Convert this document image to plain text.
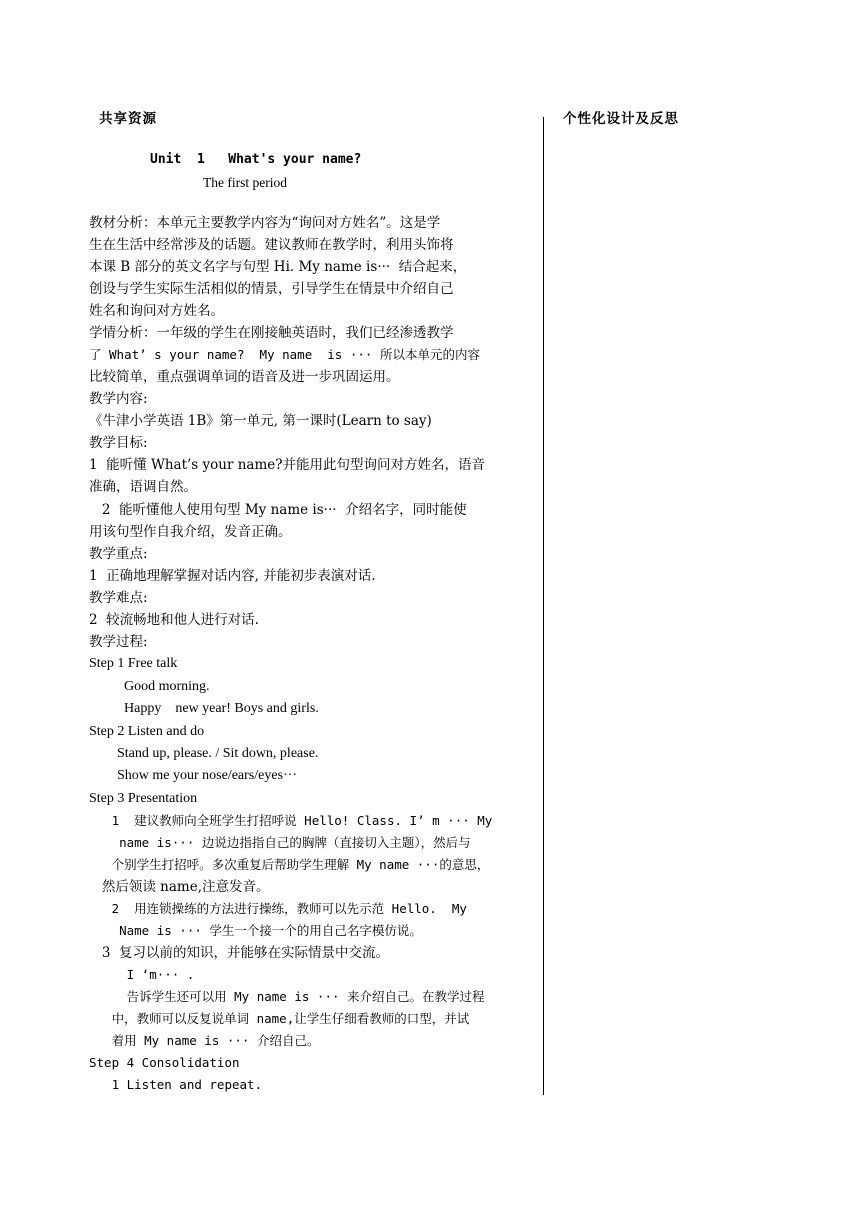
共享资源	个性化设计及反思
Unit  1   What's your name?
The first period
教材分析：本单元主要教学内容为“询问对方姓名”。这是学
生在生活中经常涉及的话题。建议教师在教学时，利用头饰将
本课 B 部分的英文名字与句型 Hi. My name is···  结合起来，
创设与学生实际生活相似的情景，引导学生在情景中介绍自己
姓名和询问对方姓名。
学情分析：一年级的学生在刚接触英语时，我们已经渗透教学
了 What’ s your name?  My name  is ··· 所以本单元的内容
比较简单，重点强调单词的语音及进一步巩固运用。
教学内容:
《牛津小学英语 1B》第一单元, 第一课时(Learn to say)
教学目标:
1  能听懂 What’s your name?并能用此句型询问对方姓名，语音
准确，语调自然。
2  能听懂他人使用句型 My name is···  介绍名字，同时能使
用该句型作自我介绍，发音正确。
教学重点:
1  正确地理解掌握对话内容, 并能初步表演对话.
教学难点:
2  较流畅地和他人进行对话.
教学过程:
Step 1 Free talk
Good morning.
Happy    new year! Boys and girls.
Step 2 Listen and do
Stand up, please. / Sit down, please.
Show me your nose/ears/eyes···
Step 3 Presentation
1  建议教师向全班学生打招呼说 Hello! Class. I’ m ··· My
name is··· 边说边指指自己的胸牌（直接切入主题），然后与
个别学生打招呼。多次重复后帮助学生理解 My name ···的意思，
然后领读 name,注意发音。
2  用连锁操练的方法进行操练，教师可以先示范 Hello.  My
Name is ··· 学生一个接一个的用自己名字模仿说。
3  复习以前的知识，并能够在实际情景中交流。
I ‘m··· .
告诉学生还可以用 My name is ··· 来介绍自己。在教学过程
中，教师可以反复说单词 name,让学生仔细看教师的口型，并试
着用 My name is ··· 介绍自己。
Step 4 Consolidation
1 Listen and repeat.
